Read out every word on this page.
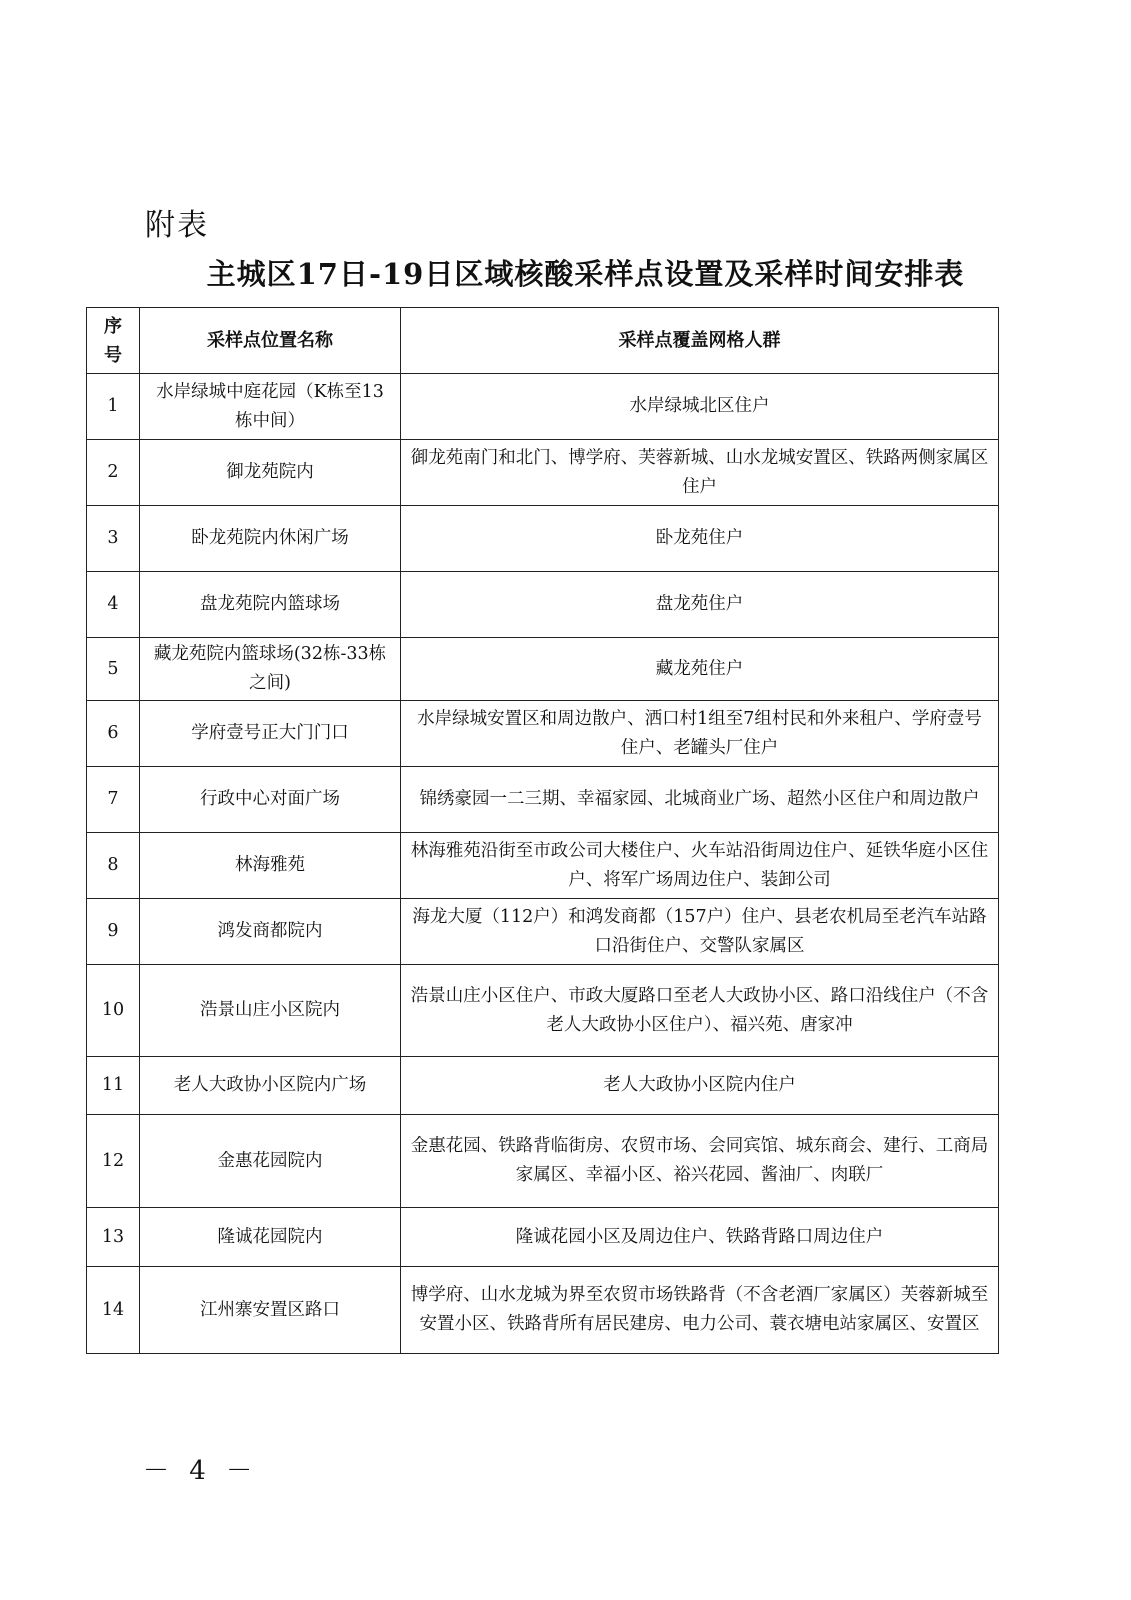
附表
主城区17日-19日区域核酸采样点设置及采样时间安排表
序号	采样点位置名称	采样点覆盖网格人群
1	水岸绿城中庭花园（K栋至13栋中间）	水岸绿城北区住户
2	御龙苑院内	御龙苑南门和北门、博学府、芙蓉新城、山水龙城安置区、铁路两侧家属区住户
3	卧龙苑院内休闲广场	卧龙苑住户
4	盘龙苑院内篮球场	盘龙苑住户
5	藏龙苑院内篮球场(32栋-33栋之间)	藏龙苑住户
6	学府壹号正大门门口	水岸绿城安置区和周边散户、洒口村1组至7组村民和外来租户、学府壹号住户、老罐头厂住户
7	行政中心对面广场	锦绣豪园一二三期、幸福家园、北城商业广场、超然小区住户和周边散户
8	林海雅苑	林海雅苑沿街至市政公司大楼住户、火车站沿街周边住户、延铁华庭小区住户、将军广场周边住户、装卸公司
9	鸿发商都院内	海龙大厦（112户）和鸿发商都（157户）住户、县老农机局至老汽车站路口沿街住户、交警队家属区
10	浩景山庄小区院内	浩景山庄小区住户、市政大厦路口至老人大政协小区、路口沿线住户（不含老人大政协小区住户）、福兴苑、唐家冲
11	老人大政协小区院内广场	老人大政协小区院内住户
12	金惠花园院内	金惠花园、铁路背临街房、农贸市场、会同宾馆、城东商会、建行、工商局家属区、幸福小区、裕兴花园、酱油厂、肉联厂
13	隆诚花园院内	隆诚花园小区及周边住户、铁路背路口周边住户
14	江州寨安置区路口	博学府、山水龙城为界至农贸市场铁路背（不含老酒厂家属区）芙蓉新城至安置小区、铁路背所有居民建房、电力公司、蓑衣塘电站家属区、安置区
－ 4 －
